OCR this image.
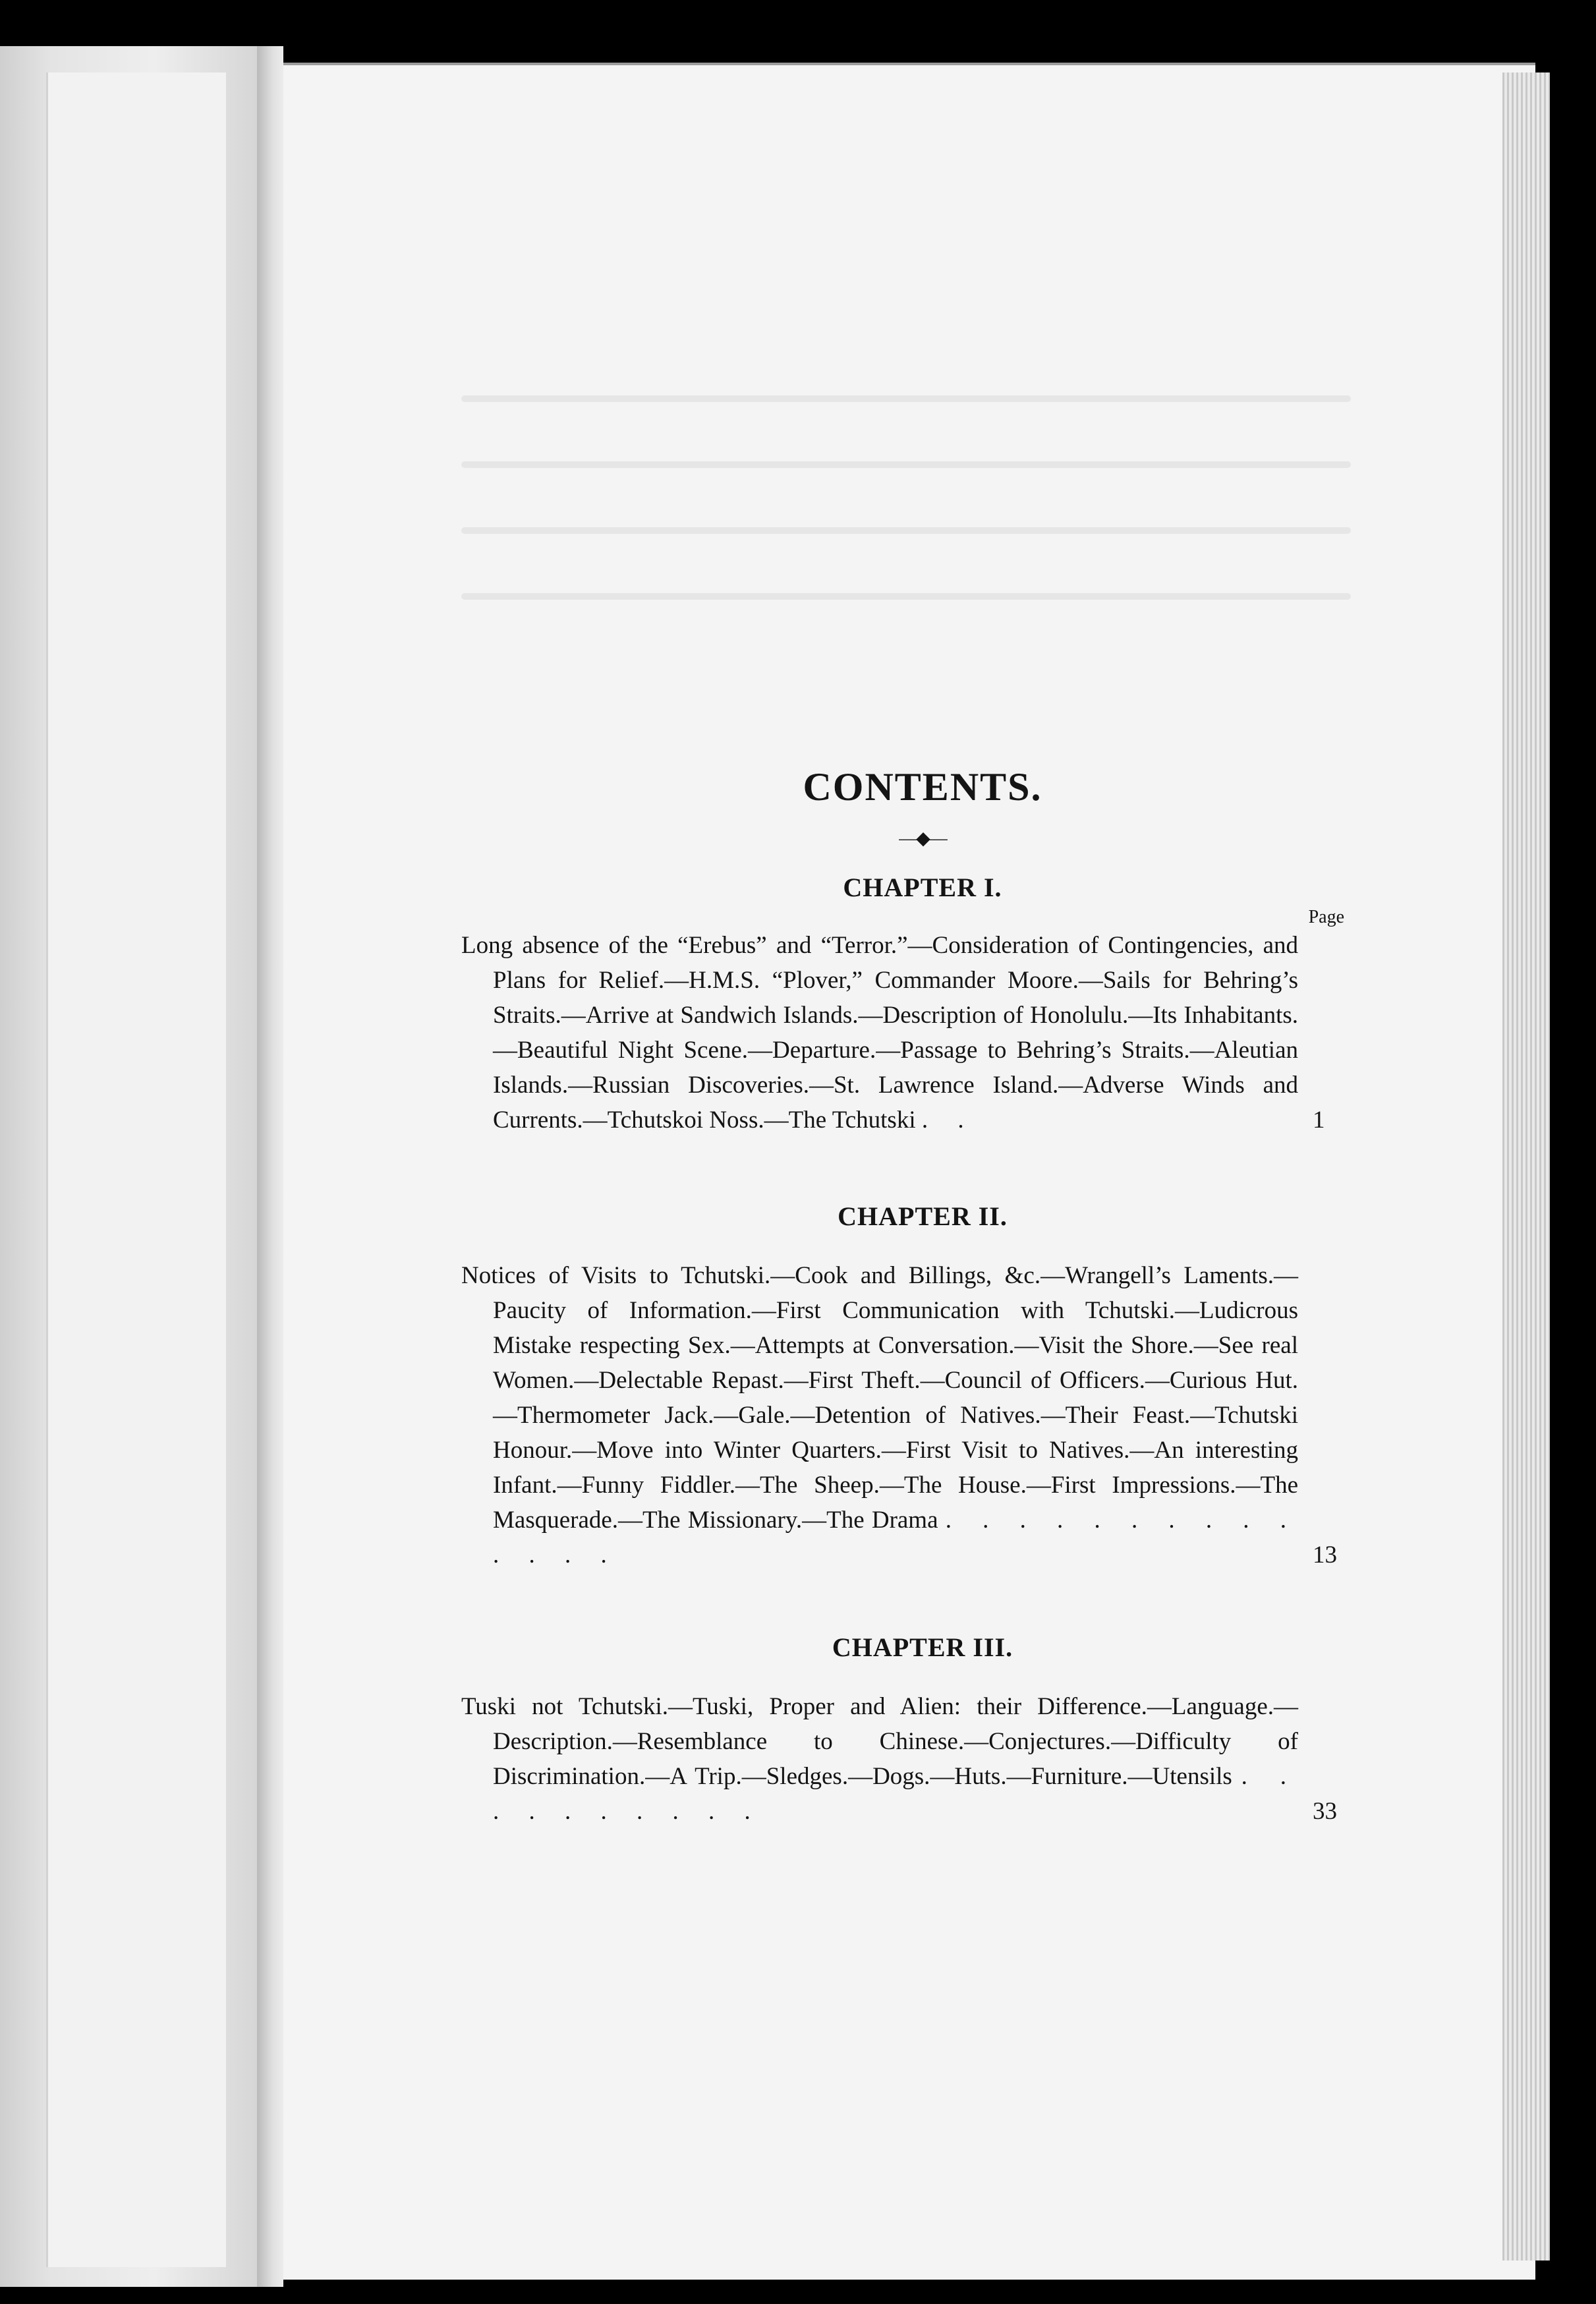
CONTENTS.
—◆—
CHAPTER I.
Page
Long absence of the “Erebus” and “Terror.”—Consideration of Contingencies, and Plans for Relief.—H.M.S. “Plover,” Commander Moore.—Sails for Behring’s Straits.—Arrive at Sandwich Islands.—Description of Honolulu.—Its Inhabitants.—Beautiful Night Scene.—Departure.—Passage to Behring’s Straits.—Aleutian Islands.—Russian Discoveries.—St. Lawrence Island.—Adverse Winds and Currents.—Tchutskoi Noss.—The Tchutski . .	1
CHAPTER II.
Notices of Visits to Tchutski.—Cook and Billings, &c.—Wrangell’s Laments.—Paucity of Information.—First Communication with Tchutski.—Ludicrous Mistake respecting Sex.—Attempts at Conversation.—Visit the Shore.—See real Women.—Delectable Repast.—First Theft.—Council of Officers.—Curious Hut.—Thermometer Jack.—Gale.—Detention of Natives.—Their Feast.—Tchutski Honour.—Move into Winter Quarters.—First Visit to Natives.—An interesting Infant.—Funny Fiddler.—The Sheep.—The House.—First Impressions.—The Masquerade.—The Missionary.—The Drama . . . . . . . . . . . . . .	13
CHAPTER III.
Tuski not Tchutski.—Tuski, Proper and Alien: their Difference.—Language.—Description.—Resemblance to Chinese.—Conjectures.—Difficulty of Discrimination.—A Trip.—Sledges.—Dogs.—Huts.—Furniture.—Utensils . . . . . . . . . .	33
